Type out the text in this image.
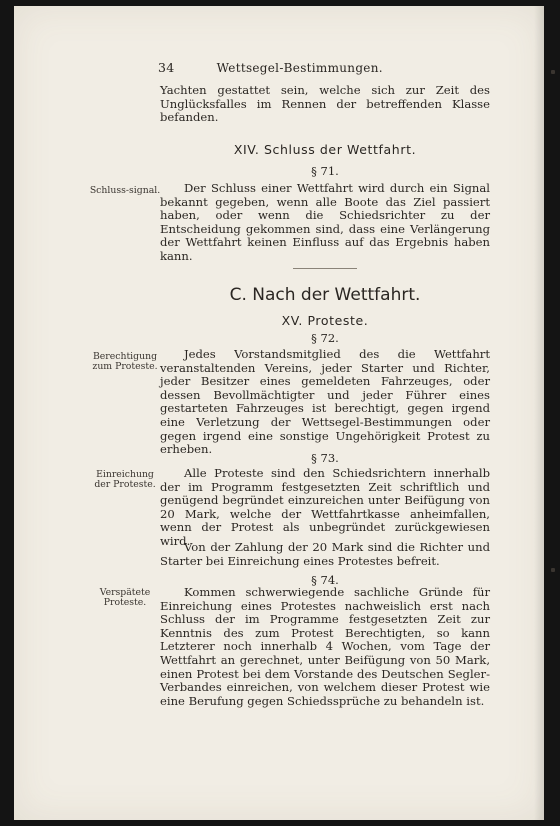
34	Wettsegel-Bestimmungen.
Yachten gestattet sein, welche sich zur Zeit des Unglücksfalles im Rennen der betreffenden Klasse befanden.
XIV. Schluss der Wettfahrt.
§ 71.
Schluss-signal.	Der Schluss einer Wettfahrt wird durch ein Signal bekannt gegeben, wenn alle Boote das Ziel passiert haben, oder wenn die Schiedsrichter zu der Entscheidung gekommen sind, dass eine Verlängerung der Wettfahrt keinen Einfluss auf das Ergebnis haben kann.
C. Nach der Wettfahrt.
XV. Proteste.
§ 72.
Berechtigung zum Proteste.
Jedes Vorstandsmitglied des die Wettfahrt veranstaltenden Vereins, jeder Starter und Richter, jeder Besitzer eines gemeldeten Fahrzeuges, oder dessen Bevollmächtigter und jeder Führer eines gestarteten Fahrzeuges ist berechtigt, gegen irgend eine Verletzung der Wettsegel-Bestimmungen oder gegen irgend eine sonstige Ungehörigkeit Protest zu erheben.
§ 73.
Einreichung der Proteste.
Alle Proteste sind den Schiedsrichtern innerhalb der im Programm festgesetzten Zeit schriftlich und genügend begründet einzureichen unter Beifügung von 20 Mark, welche der Wettfahrtkasse anheimfallen, wenn der Protest als unbegründet zurückgewiesen wird.
Von der Zahlung der 20 Mark sind die Richter und Starter bei Einreichung eines Protestes befreit.
§ 74.
Verspätete Proteste.
Kommen schwerwiegende sachliche Gründe für Einreichung eines Protestes nachweislich erst nach Schluss der im Programme festgesetzten Zeit zur Kenntnis des zum Protest Berechtigten, so kann Letzterer noch innerhalb 4 Wochen, vom Tage der Wettfahrt an gerechnet, unter Beifügung von 50 Mark, einen Protest bei dem Vorstande des Deutschen Segler-Verbandes einreichen, von welchem dieser Protest wie eine Berufung gegen Schiedssprüche zu behandeln ist.
